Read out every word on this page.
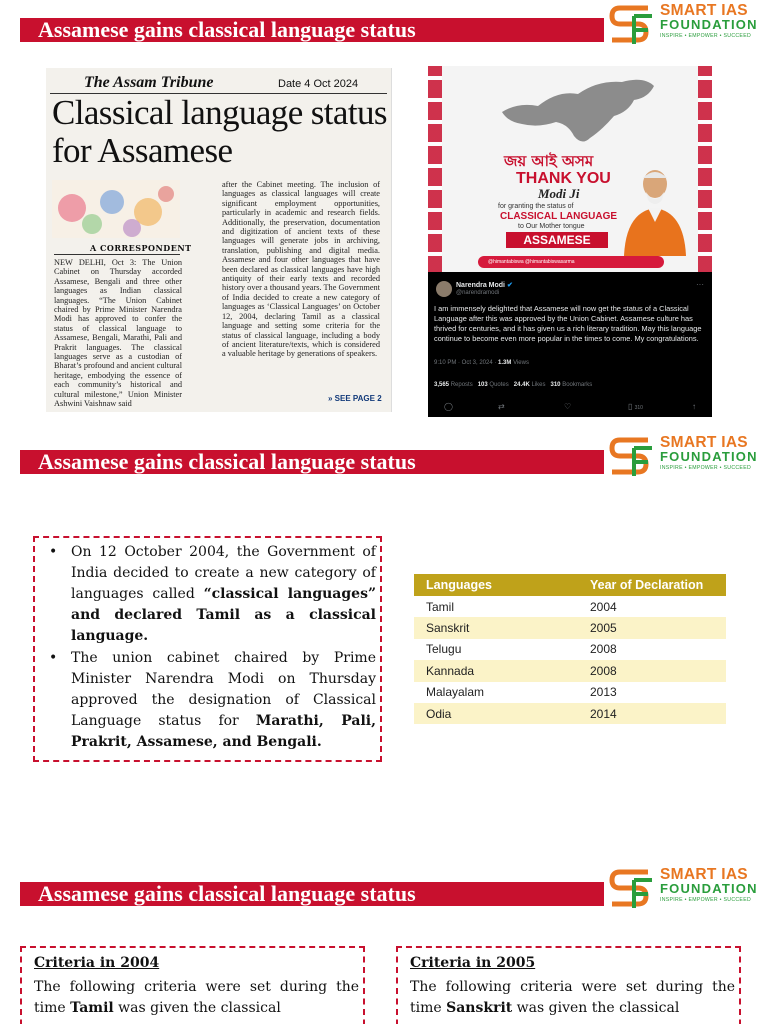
Assamese gains classical language status
SMART IAS
FOUNDATION
INSPIRE • EMPOWER • SUCCEED
The Assam Tribune	Date 4 Oct 2024
Classical language status for Assamese
A CORRESPONDENT
NEW DELHI, Oct 3: The Union Cabinet on Thursday accorded Assamese, Bengali and three other languages as Indian classical languages. “The Union Cabinet chaired by Prime Minister Narendra Modi has approved to confer the status of classical language to Assamese, Bengali, Marathi, Pali and Prakrit languages. The classical languages serve as a custodian of Bharat’s profound and ancient cultural heritage, embodying the essence of each community’s historical and cultural milestone,” Union Minister Ashwini Vaishnaw said
after the Cabinet meeting. The inclusion of languages as classical languages will create significant employment opportunities, particularly in academic and research fields. Additionally, the preservation, documentation and digitization of ancient texts of these languages will generate jobs in archiving, translation, publishing and digital media. Assamese and four other languages that have been declared as classical languages have high antiquity of their early texts and recorded history over a thousand years. The Government of India decided to create a new category of languages as ‘Classical Languages’ on October 12, 2004, declaring Tamil as a classical language and setting some criteria for the status of classical language, including a body of ancient literature/texts, which is considered a valuable heritage by generations of speakers.
» SEE PAGE 2
জয় আই অসম
THANK YOU
Modi Ji
for granting the status of
CLASSICAL LANGUAGE
to Our Mother tongue
ASSAMESE
@himantabiswa @himantabiswasarma
Narendra Modi ✔
@narendramodi
···
I am immensely delighted that Assamese will now get the status of a Classical Language after this was approved by the Union Cabinet. Assamese culture has thrived for centuries, and it has given us a rich literary tradition. May this language continue to become even more popular in the times to come. My congratulations.
9:10 PM · Oct 3, 2024 · 1.3M Views
3,565 Reposts 103 Quotes 24.4K Likes 310 Bookmarks
◯	⇄	♡	▯ 310	↑
Assamese gains classical language status
SMART IAS
FOUNDATION
INSPIRE • EMPOWER • SUCCEED
• On 12 October 2004, the Government of India decided to create a new category of languages called “classical languages” and declared Tamil as a classical language.
• The union cabinet chaired by Prime Minister Narendra Modi on Thursday approved the designation of Classical Language status for Marathi, Pali, Prakrit, Assamese, and Bengali.
Languages	Year of Declaration
Tamil	2004
Sanskrit	2005
Telugu	2008
Kannada	2008
Malayalam	2013
Odia	2014
Assamese gains classical language status
SMART IAS
FOUNDATION
INSPIRE • EMPOWER • SUCCEED
Criteria in 2004
The following criteria were set during the time Tamil was given the classical
Criteria in 2005
The following criteria were set during the time Sanskrit was given the classical
